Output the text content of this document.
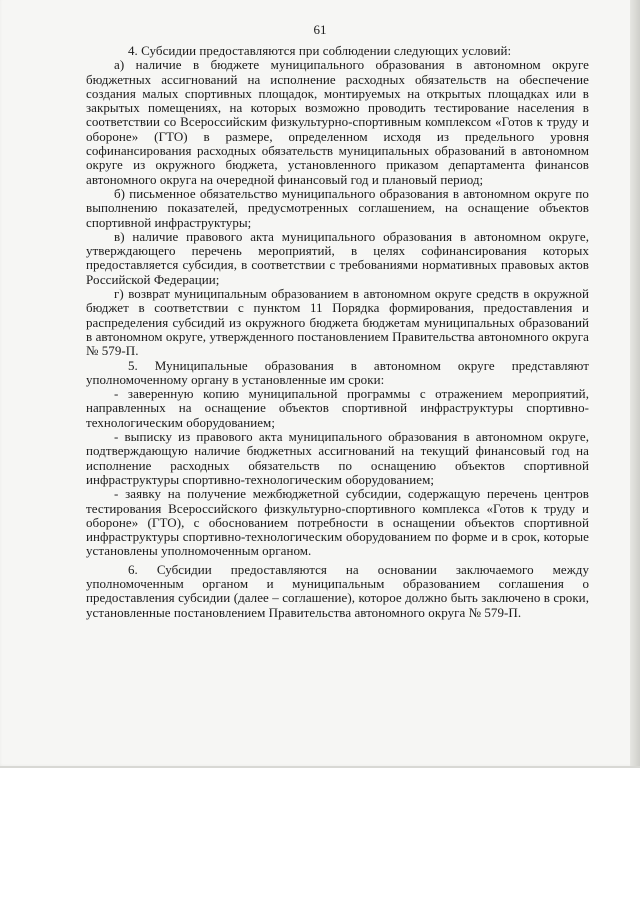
61

4. Субсидии предоставляются при соблюдении следующих условий:

а) наличие в бюджете муниципального образования в автономном округе бюджетных ассигнований на исполнение расходных обязательств на обеспечение создания малых спортивных площадок, монтируемых на открытых площадках или в закрытых помещениях, на которых возможно проводить тестирование населения в соответствии со Всероссийским физкультурно-спортивным комплексом «Готов к труду и обороне» (ГТО) в размере, определенном исходя из предельного уровня софинансирования расходных обязательств муниципальных образований в автономном округе из окружного бюджета, установленного приказом департамента финансов автономного округа на очередной финансовый год и плановый период;

б) письменное обязательство муниципального образования в автономном округе по выполнению показателей, предусмотренных соглашением, на оснащение объектов спортивной инфраструктуры;

в) наличие правового акта муниципального образования в автономном округе, утверждающего перечень мероприятий, в целях софинансирования которых предоставляется субсидия, в соответствии с требованиями нормативных правовых актов Российской Федерации;

г) возврат муниципальным образованием в автономном округе средств в окружной бюджет в соответствии с пунктом 11 Порядка формирования, предоставления и распределения субсидий из окружного бюджета бюджетам муниципальных образований в автономном округе, утвержденного постановлением Правительства автономного округа № 579-П.

5. Муниципальные образования в автономном округе представляют уполномоченному органу в установленные им сроки:

- заверенную копию муниципальной программы с отражением мероприятий, направленных на оснащение объектов спортивной инфраструктуры спортивно-технологическим оборудованием;

- выписку из правового акта муниципального образования в автономном округе, подтверждающую наличие бюджетных ассигнований на текущий финансовый год на исполнение расходных обязательств по оснащению объектов спортивной инфраструктуры спортивно-технологическим оборудованием;

- заявку на получение межбюджетной субсидии, содержащую перечень центров тестирования Всероссийского физкультурно-спортивного комплекса «Готов к труду и обороне» (ГТО), с обоснованием потребности в оснащении объектов спортивной инфраструктуры спортивно-технологическим оборудованием по форме и в срок, которые установлены уполномоченным органом.

6. Субсидии предоставляются на основании заключаемого между уполномоченным органом и муниципальным образованием соглашения о предоставления субсидии (далее – соглашение), которое должно быть заключено в сроки, установленные постановлением Правительства автономного округа № 579-П.
